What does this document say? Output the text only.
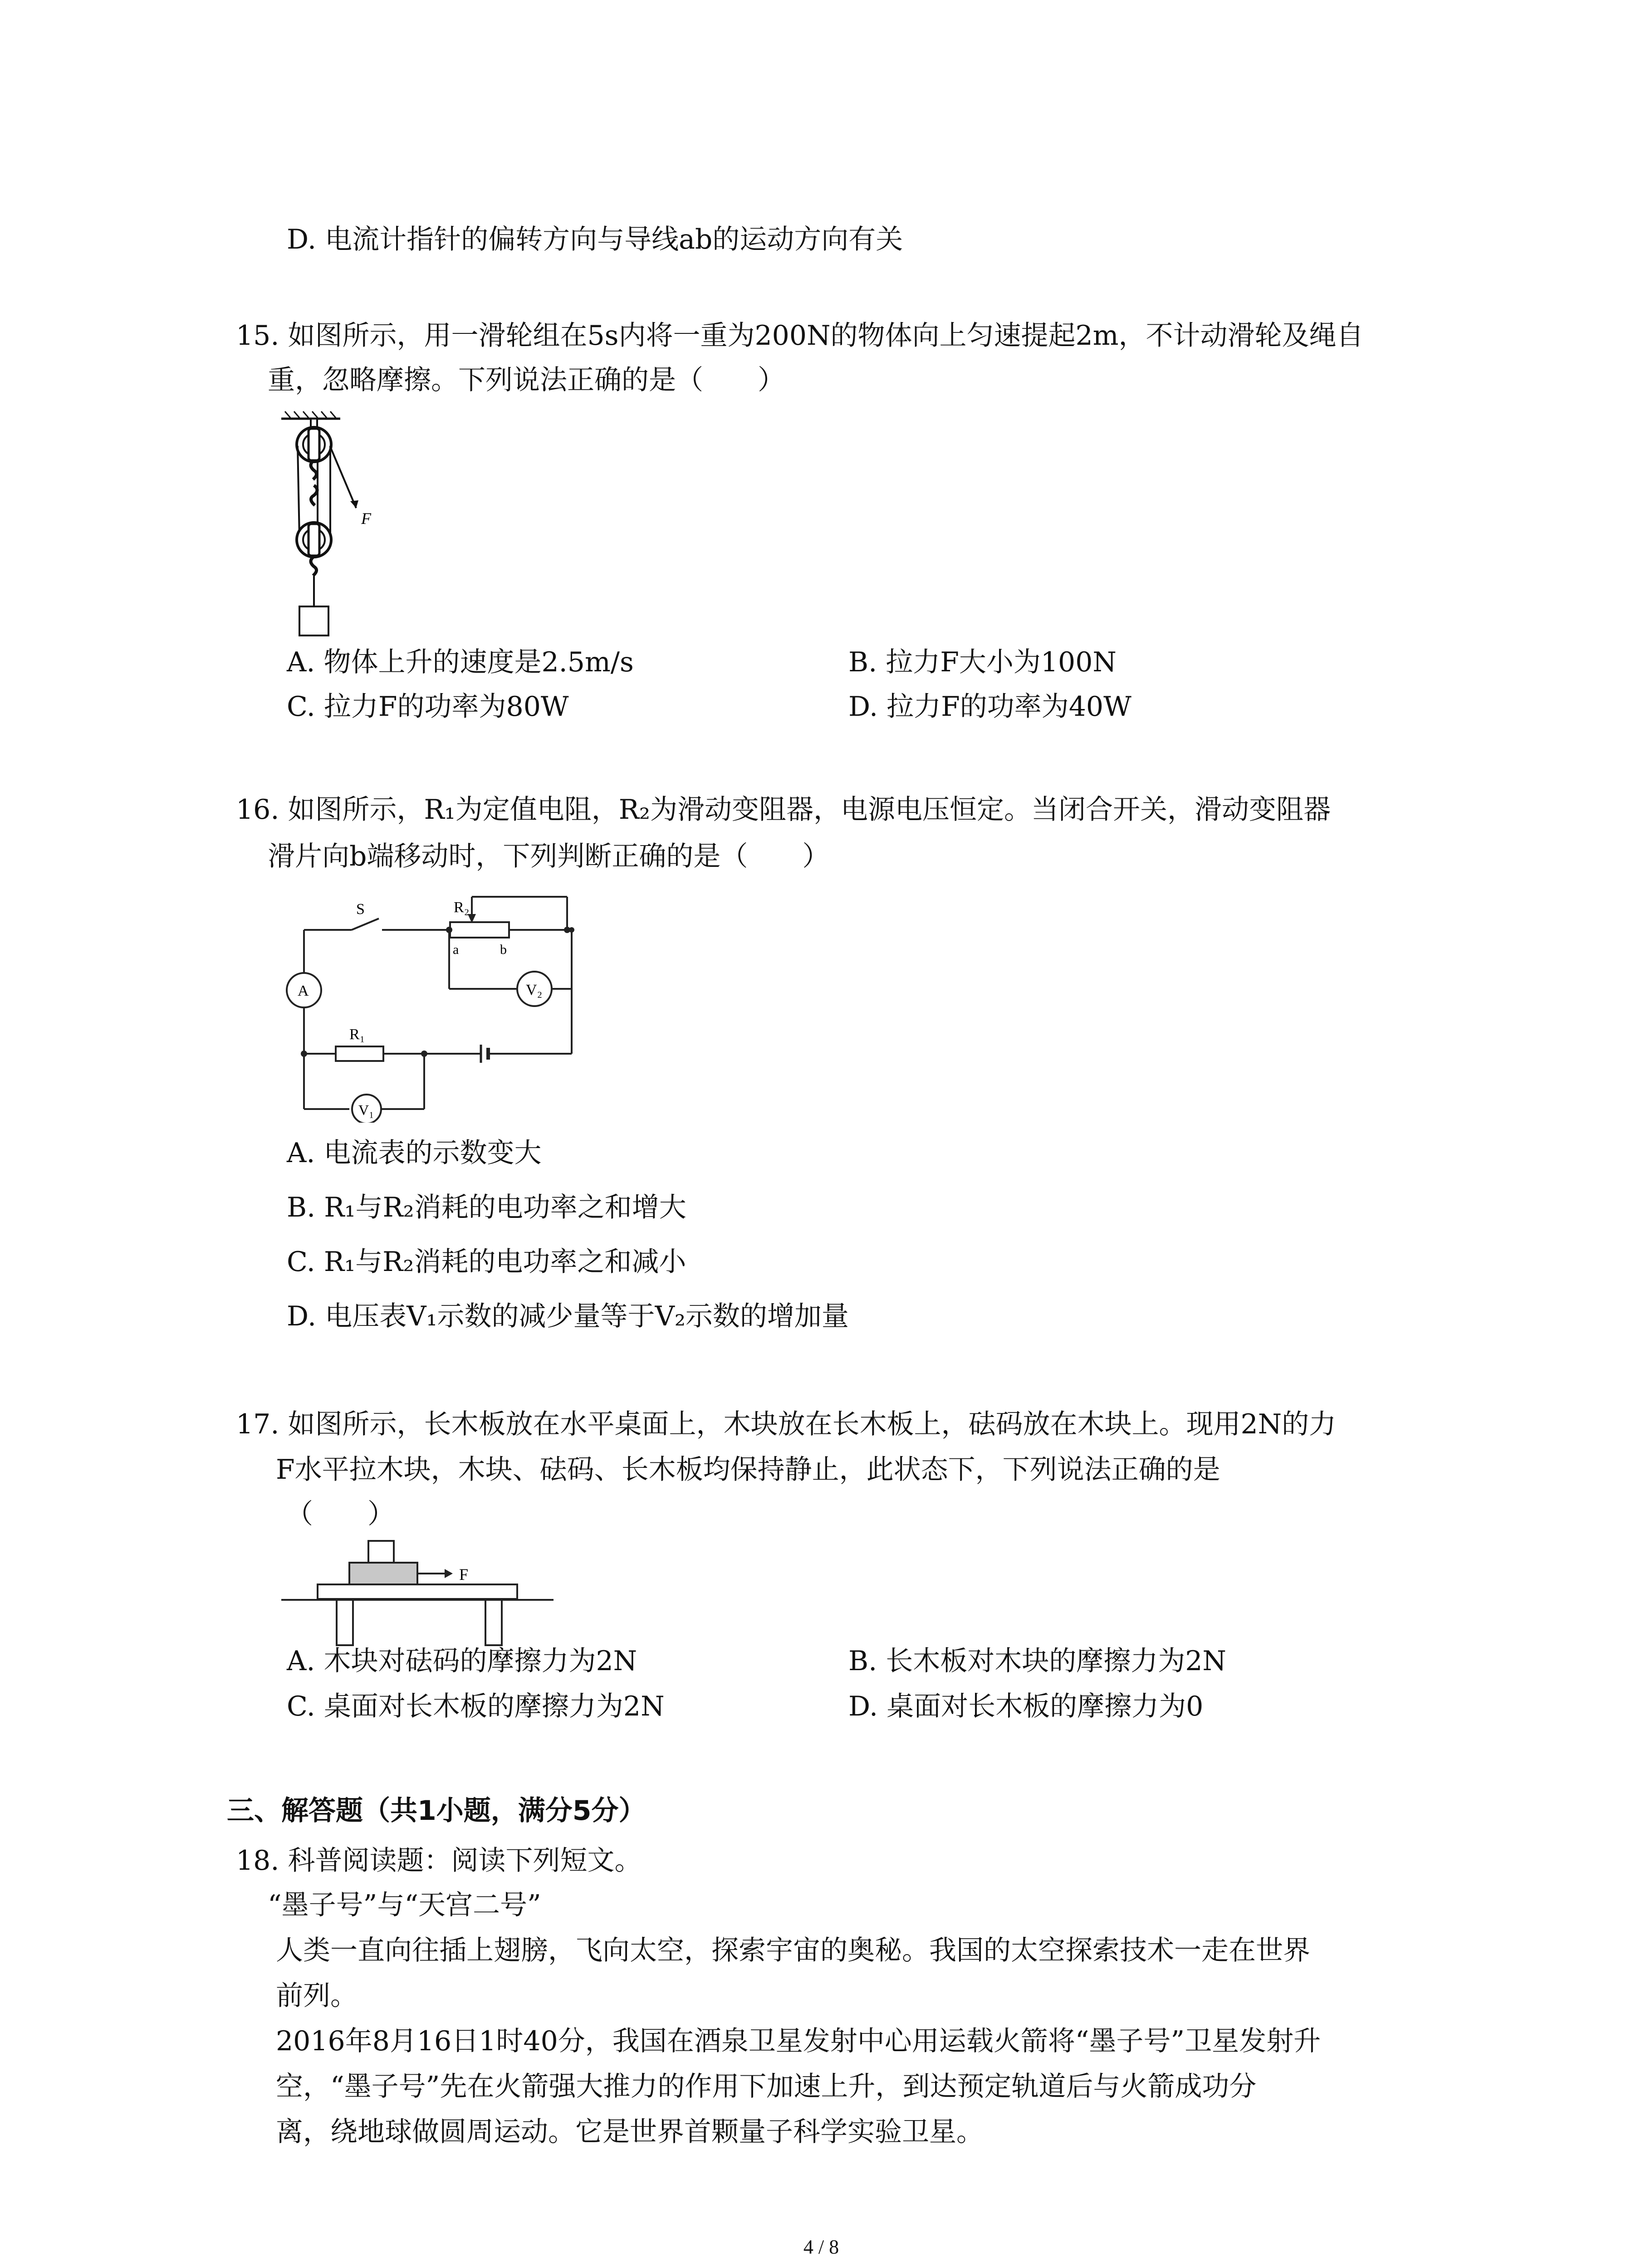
D. 电流计指针的偏转方向与导线ab的运动方向有关
15. 如图所示，用一滑轮组在5s内将一重为200N的物体向上匀速提起2m，不计动滑轮及绳自
重，忽略摩擦。下列说法正确的是（　　）
F
A. 物体上升的速度是2.5m/s	B. 拉力F大小为100N
C. 拉力F的功率为80W	D. 拉力F的功率为40W
16. 如图所示，R₁为定值电阻，R₂为滑动变阻器，电源电压恒定。当闭合开关，滑动变阻器
滑片向b端移动时，下列判断正确的是（　　）
S	R₂
a	b
V₂
A
R₁
V₁
A. 电流表的示数变大
B. R₁与R₂消耗的电功率之和增大
C. R₁与R₂消耗的电功率之和减小
D. 电压表V₁示数的减少量等于V₂示数的增加量
17. 如图所示，长木板放在水平桌面上，木块放在长木板上，砝码放在木块上。现用2N的力
F水平拉木块，木块、砝码、长木板均保持静止，此状态下，下列说法正确的是
（　　）
F
A. 木块对砝码的摩擦力为2N	B. 长木板对木块的摩擦力为2N
C. 桌面对长木板的摩擦力为2N	D. 桌面对长木板的摩擦力为0
三、解答题（共1小题，满分5分）
18. 科普阅读题：阅读下列短文。
“墨子号”与“天宫二号”
人类一直向往插上翅膀，飞向太空，探索宇宙的奥秘。我国的太空探索技术一走在世界
前列。
2016年8月16日1时40分，我国在酒泉卫星发射中心用运载火箭将“墨子号”卫星发射升
空，“墨子号”先在火箭强大推力的作用下加速上升，到达预定轨道后与火箭成功分
离，绕地球做圆周运动。它是世界首颗量子科学实验卫星。
4 / 8
